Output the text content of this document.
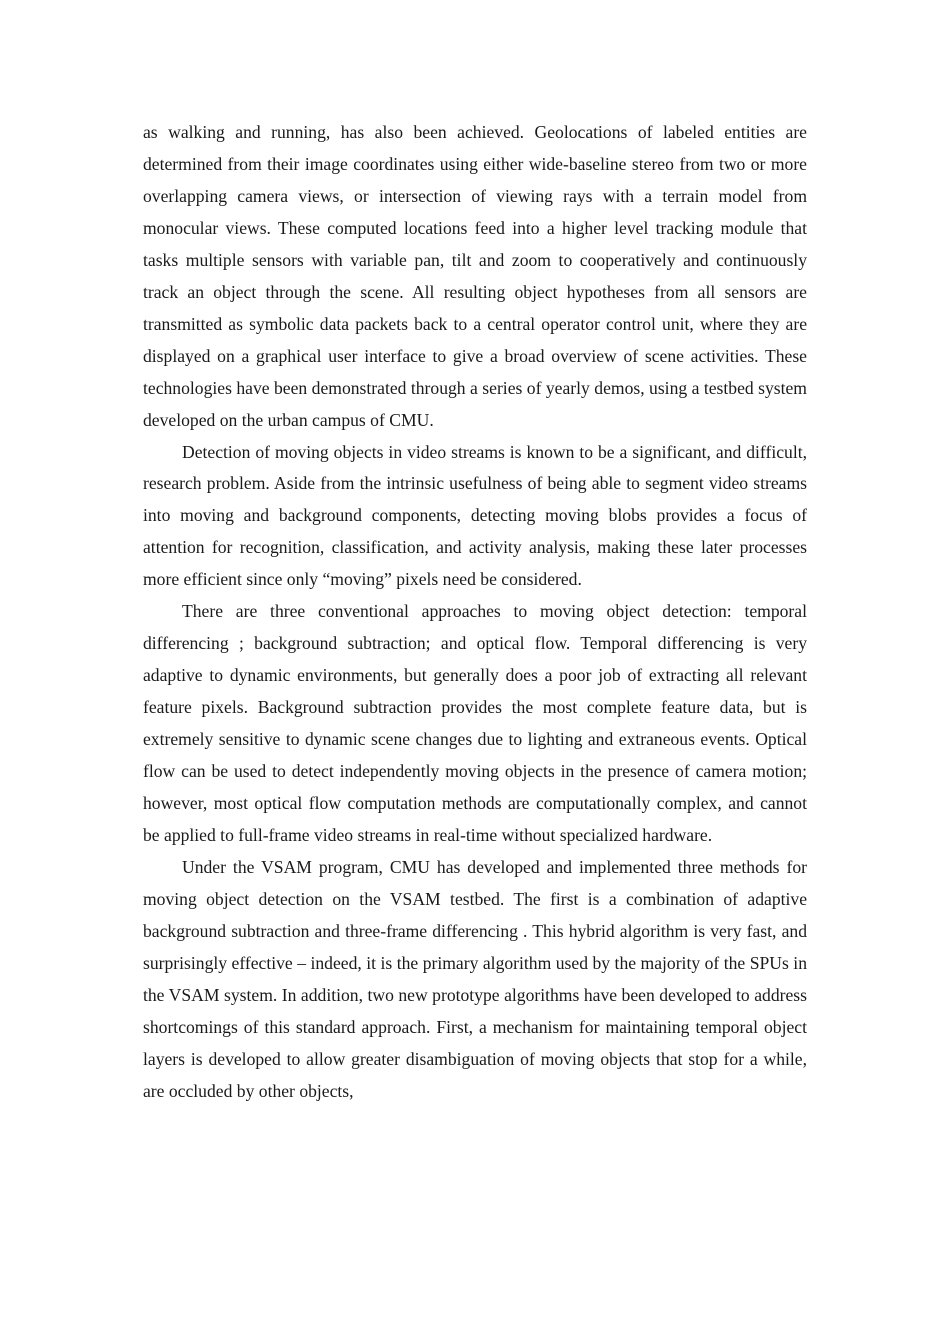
as walking and running, has also been achieved. Geolocations of labeled entities are determined from their image coordinates using either wide-baseline stereo from two or more overlapping camera views, or intersection of viewing rays with a terrain model from monocular views. These computed locations feed into a higher level tracking module that tasks multiple sensors with variable pan, tilt and zoom to cooperatively and continuously track an object through the scene. All resulting object hypotheses from all sensors are transmitted as symbolic data packets back to a central operator control unit, where they are displayed on a graphical user interface to give a broad overview of scene activities. These technologies have been demonstrated through a series of yearly demos, using a testbed system developed on the urban campus of CMU.

Detection of moving objects in video streams is known to be a significant, and difficult, research problem. Aside from the intrinsic usefulness of being able to segment video streams into moving and background components, detecting moving blobs provides a focus of attention for recognition, classification, and activity analysis, making these later processes more efficient since only “moving” pixels need be considered.

There are three conventional approaches to moving object detection: temporal differencing ; background subtraction; and optical flow. Temporal differencing is very adaptive to dynamic environments, but generally does a poor job of extracting all relevant feature pixels. Background subtraction provides the most complete feature data, but is extremely sensitive to dynamic scene changes due to lighting and extraneous events. Optical flow can be used to detect independently moving objects in the presence of camera motion; however, most optical flow computation methods are computationally complex, and cannot be applied to full-frame video streams in real-time without specialized hardware.

Under the VSAM program, CMU has developed and implemented three methods for moving object detection on the VSAM testbed. The first is a combination of adaptive background subtraction and three-frame differencing . This hybrid algorithm is very fast, and surprisingly effective – indeed, it is the primary algorithm used by the majority of the SPUs in the VSAM system. In addition, two new prototype algorithms have been developed to address shortcomings of this standard approach. First, a mechanism for maintaining temporal object layers is developed to allow greater disambiguation of moving objects that stop for a while, are occluded by other objects,
